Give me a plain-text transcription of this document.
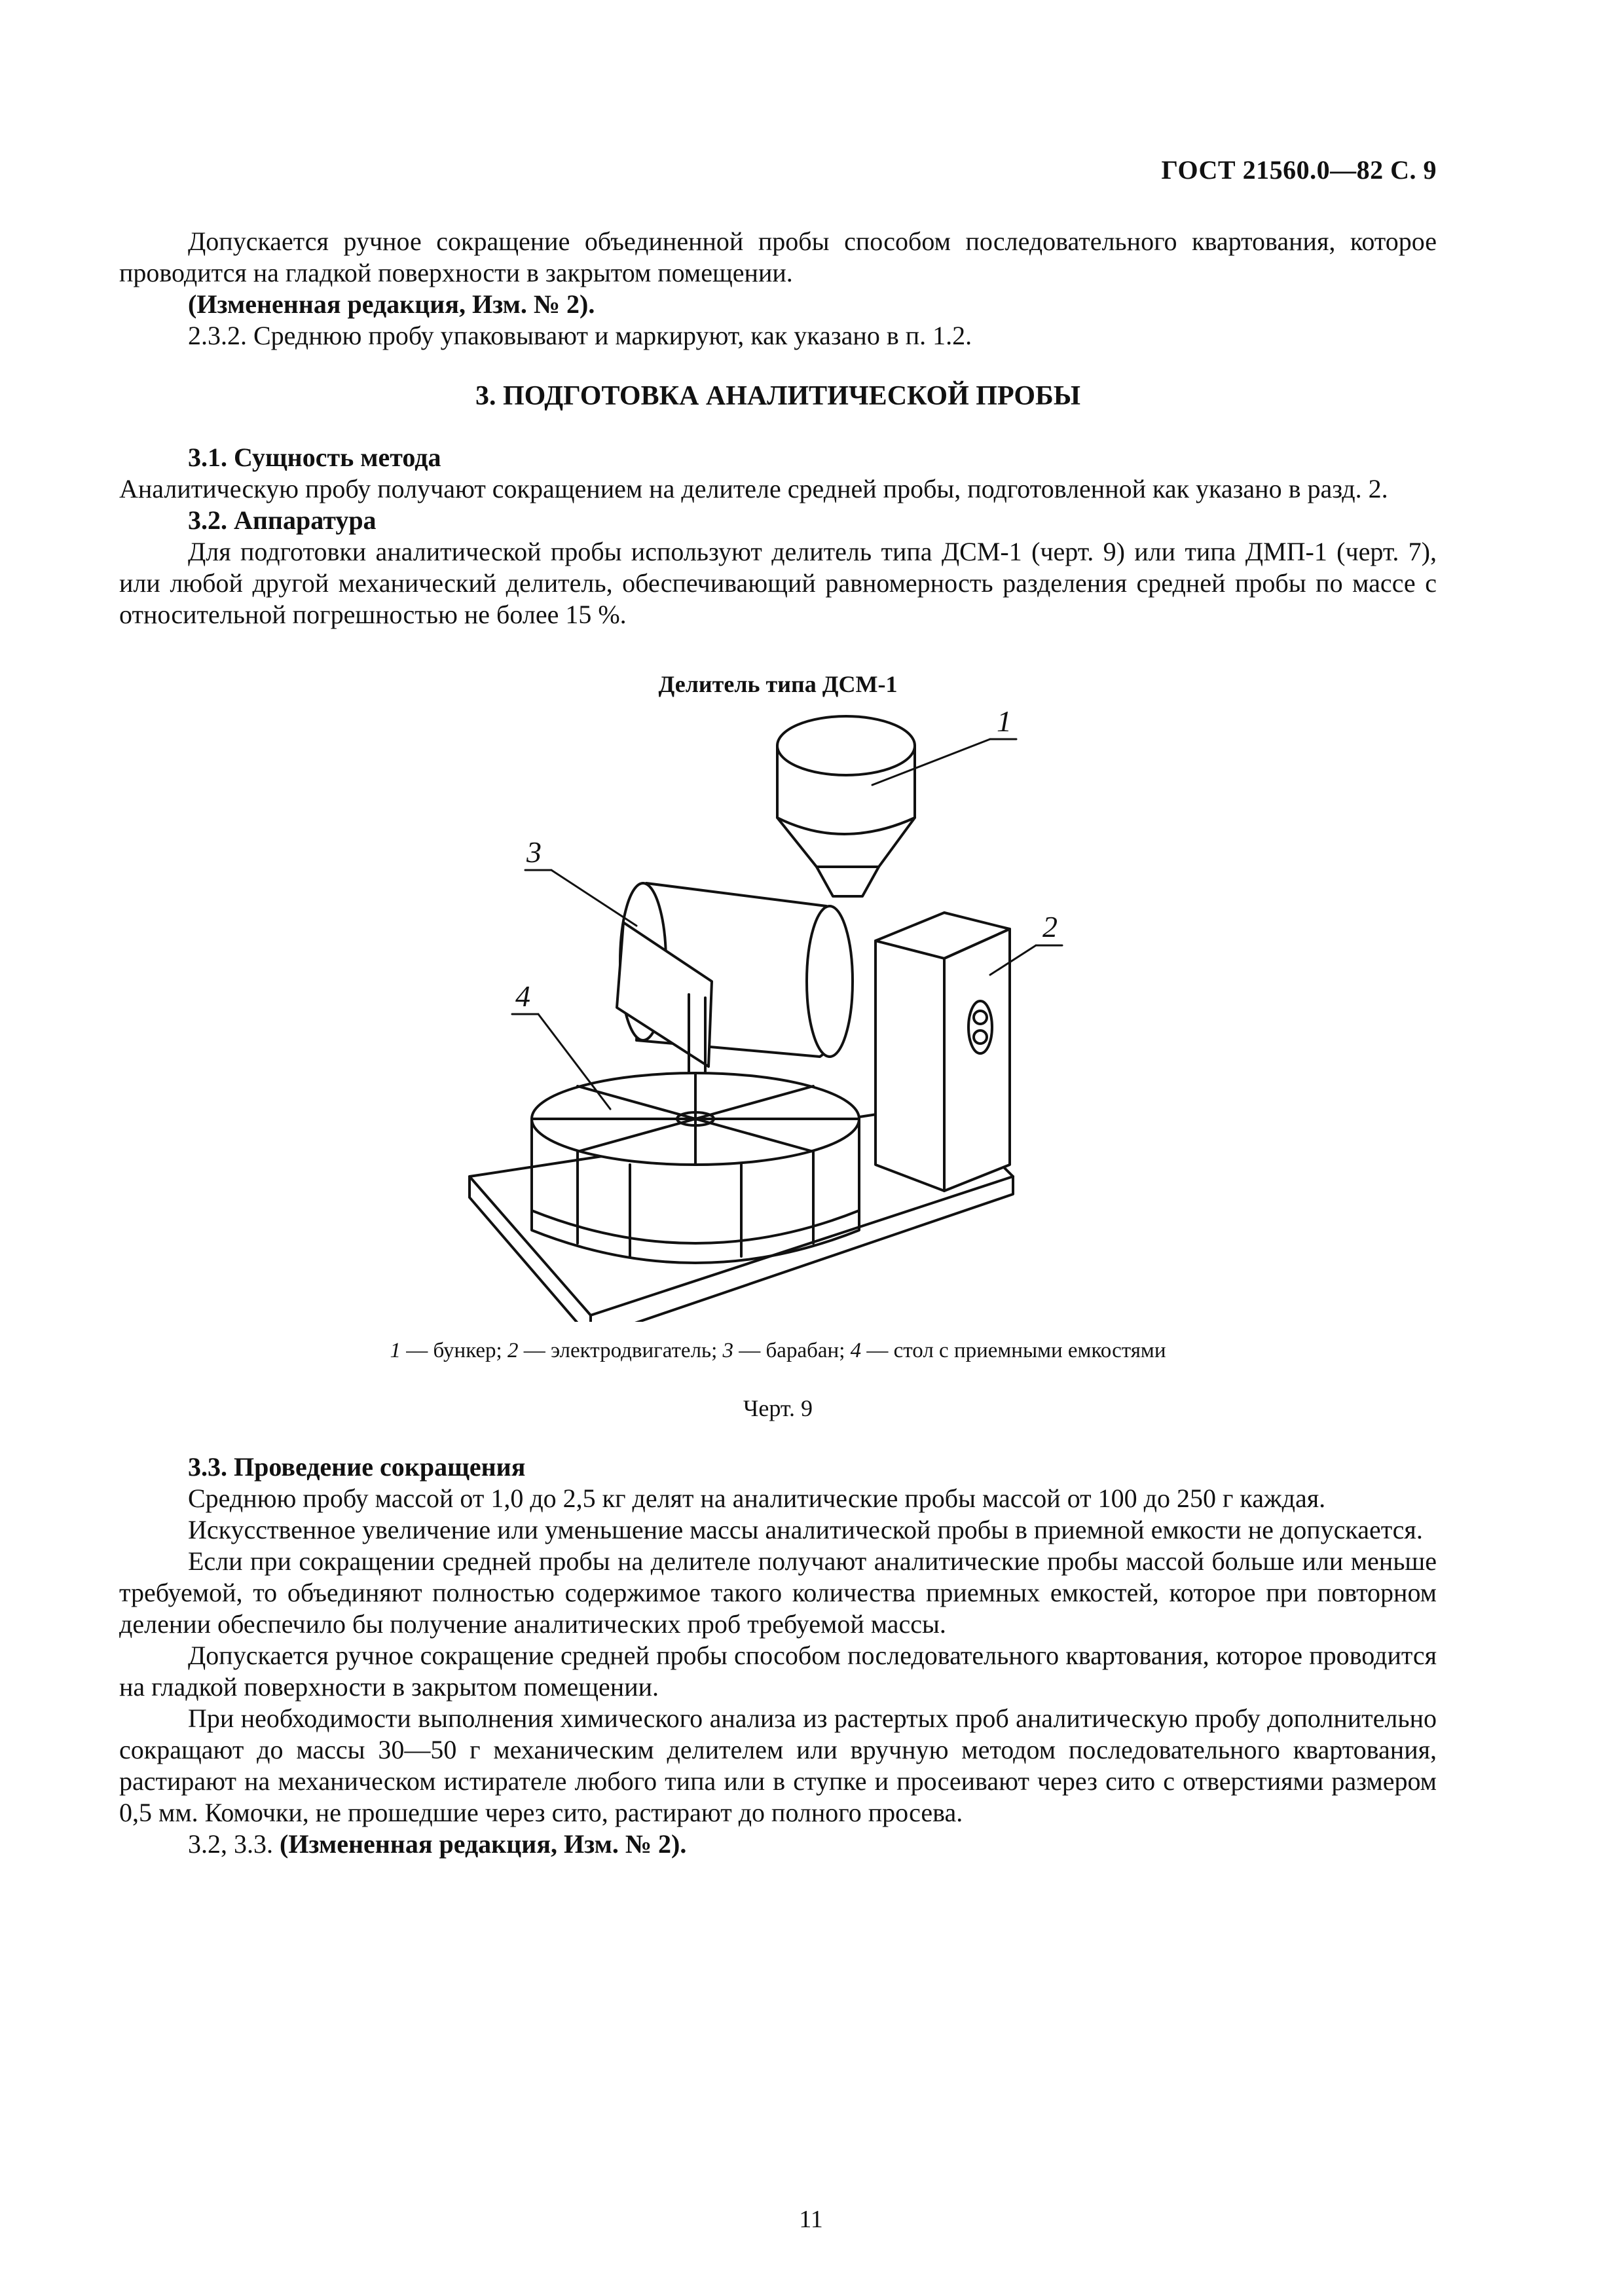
ГОСТ 21560.0—82 С. 9

Допускается ручное сокращение объединенной пробы способом последовательного квартования, которое проводится на гладкой поверхности в закрытом помещении.

(Измененная редакция, Изм. № 2).

2.3.2. Среднюю пробу упаковывают и маркируют, как указано в п. 1.2.

3. ПОДГОТОВКА АНАЛИТИЧЕСКОЙ ПРОБЫ

3.1. Сущность метода

Аналитическую пробу получают сокращением на делителе средней пробы, подготовленной как указано в разд. 2.

3.2. Аппаратура

Для подготовки аналитической пробы используют делитель типа ДСМ-1 (черт. 9) или типа ДМП-1 (черт. 7), или любой другой механический делитель, обеспечивающий равномерность разделения средней пробы по массе с относительной погрешностью не более 15 %.

Делитель типа ДСМ-1
1
2
3
4
1 — бункер; 2 — электродвигатель; 3 — барабан; 4 — стол с приемными емкостями
Черт. 9

3.3. Проведение сокращения

Среднюю пробу массой от 1,0 до 2,5 кг делят на аналитические пробы массой от 100 до 250 г каждая.

Искусственное увеличение или уменьшение массы аналитической пробы в приемной емкости не допускается.

Если при сокращении средней пробы на делителе получают аналитические пробы массой больше или меньше требуемой, то объединяют полностью содержимое такого количества приемных емкостей, которое при повторном делении обеспечило бы получение аналитических проб требуемой массы.

Допускается ручное сокращение средней пробы способом последовательного квартования, которое проводится на гладкой поверхности в закрытом помещении.

При необходимости выполнения химического анализа из растертых проб аналитическую пробу дополнительно сокращают до массы 30—50 г механическим делителем или вручную методом последовательного квартования, растирают на механическом истирателе любого типа или в ступке и просеивают через сито с отверстиями размером 0,5 мм. Комочки, не прошедшие через сито, растирают до полного просева.

3.2, 3.3. (Измененная редакция, Изм. № 2).

11
